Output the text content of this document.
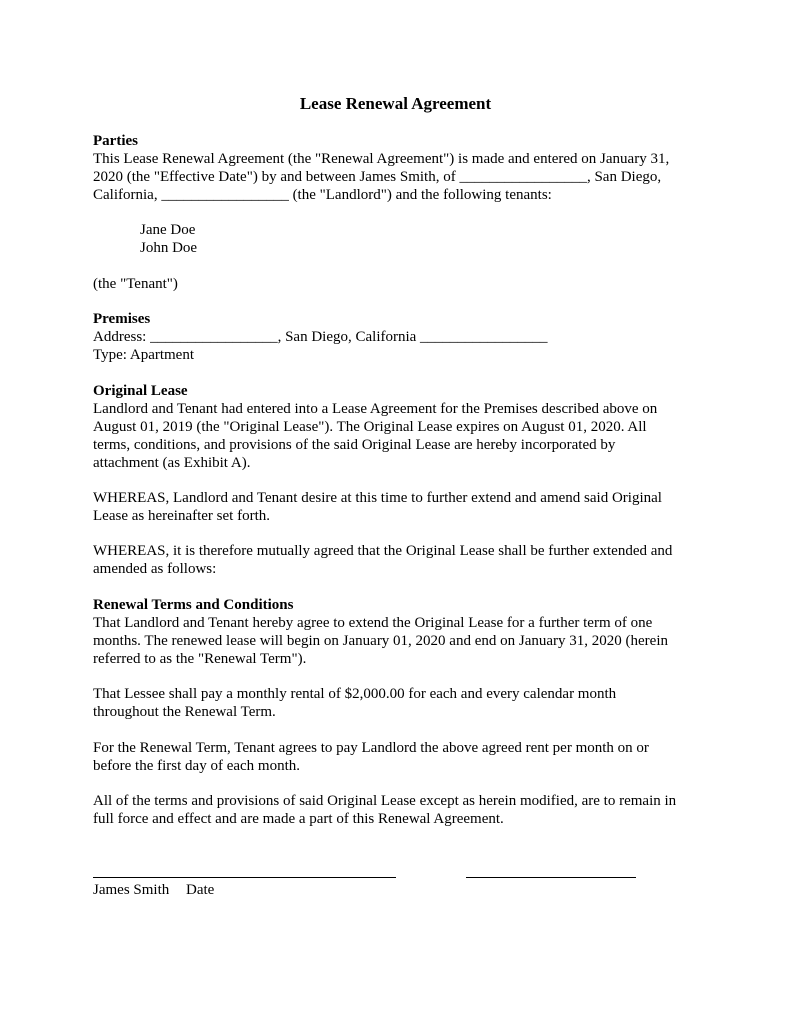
Lease Renewal Agreement

Parties

This Lease Renewal Agreement (the "Renewal Agreement") is made and entered on January 31,

2020 (the "Effective Date") by and between James Smith, of _________________, San Diego,

California, _________________ (the "Landlord") and the following tenants:

Jane Doe

John Doe

(the "Tenant")

Premises

Address: _________________, San Diego, California _________________

Type: Apartment

Original Lease

Landlord and Tenant had entered into a Lease Agreement for the Premises described above on

August 01, 2019 (the "Original Lease"). The Original Lease expires on August 01, 2020. All

terms, conditions, and provisions of the said Original Lease are hereby incorporated by

attachment (as Exhibit A).

WHEREAS, Landlord and Tenant desire at this time to further extend and amend said Original

Lease as hereinafter set forth.

WHEREAS, it is therefore mutually agreed that the Original Lease shall be further extended and

amended as follows:

Renewal Terms and Conditions

That Landlord and Tenant hereby agree to extend the Original Lease for a further term of one

months. The renewed lease will begin on January 01, 2020 and end on January 31, 2020 (herein

referred to as the "Renewal Term").

That Lessee shall pay a monthly rental of $2,000.00 for each and every calendar month

throughout the Renewal Term.

For the Renewal Term, Tenant agrees to pay Landlord the above agreed rent per month on or

before the first day of each month.

All of the terms and provisions of said Original Lease except as herein modified, are to remain in

full force and effect and are made a part of this Renewal Agreement.

James Smith Date
